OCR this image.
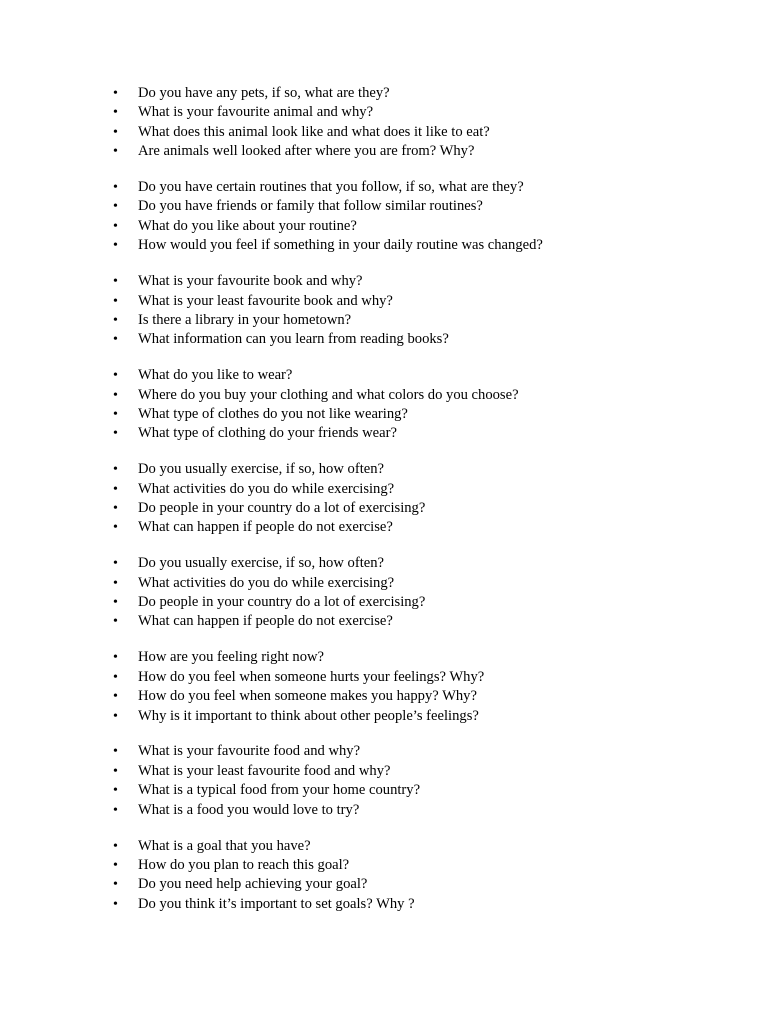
• Do you have any pets, if so, what are they?
• What is your favourite animal and why?
• What does this animal look like and what does it like to eat?
• Are animals well looked after where you are from? Why?
• Do you have certain routines that you follow, if so, what are they?
• Do you have friends or family that follow similar routines?
• What do you like about your routine?
• How would you feel if something in your daily routine was changed?
• What is your favourite book and why?
• What is your least favourite book and why?
• Is there a library in your hometown?
• What information can you learn from reading books?
• What do you like to wear?
• Where do you buy your clothing and what colors do you choose?
• What type of clothes do you not like wearing?
• What type of clothing do your friends wear?
• Do you usually exercise, if so, how often?
• What activities do you do while exercising?
• Do people in your country do a lot of exercising?
• What can happen if people do not exercise?
• Do you usually exercise, if so, how often?
• What activities do you do while exercising?
• Do people in your country do a lot of exercising?
• What can happen if people do not exercise?
• How are you feeling right now?
• How do you feel when someone hurts your feelings? Why?
• How do you feel when someone makes you happy? Why?
• Why is it important to think about other people’s feelings?
• What is your favourite food and why?
• What is your least favourite food and why?
• What is a typical food from your home country?
• What is a food you would love to try?
• What is a goal that you have?
• How do you plan to reach this goal?
• Do you need help achieving your goal?
• Do you think it’s important to set goals? Why ?
